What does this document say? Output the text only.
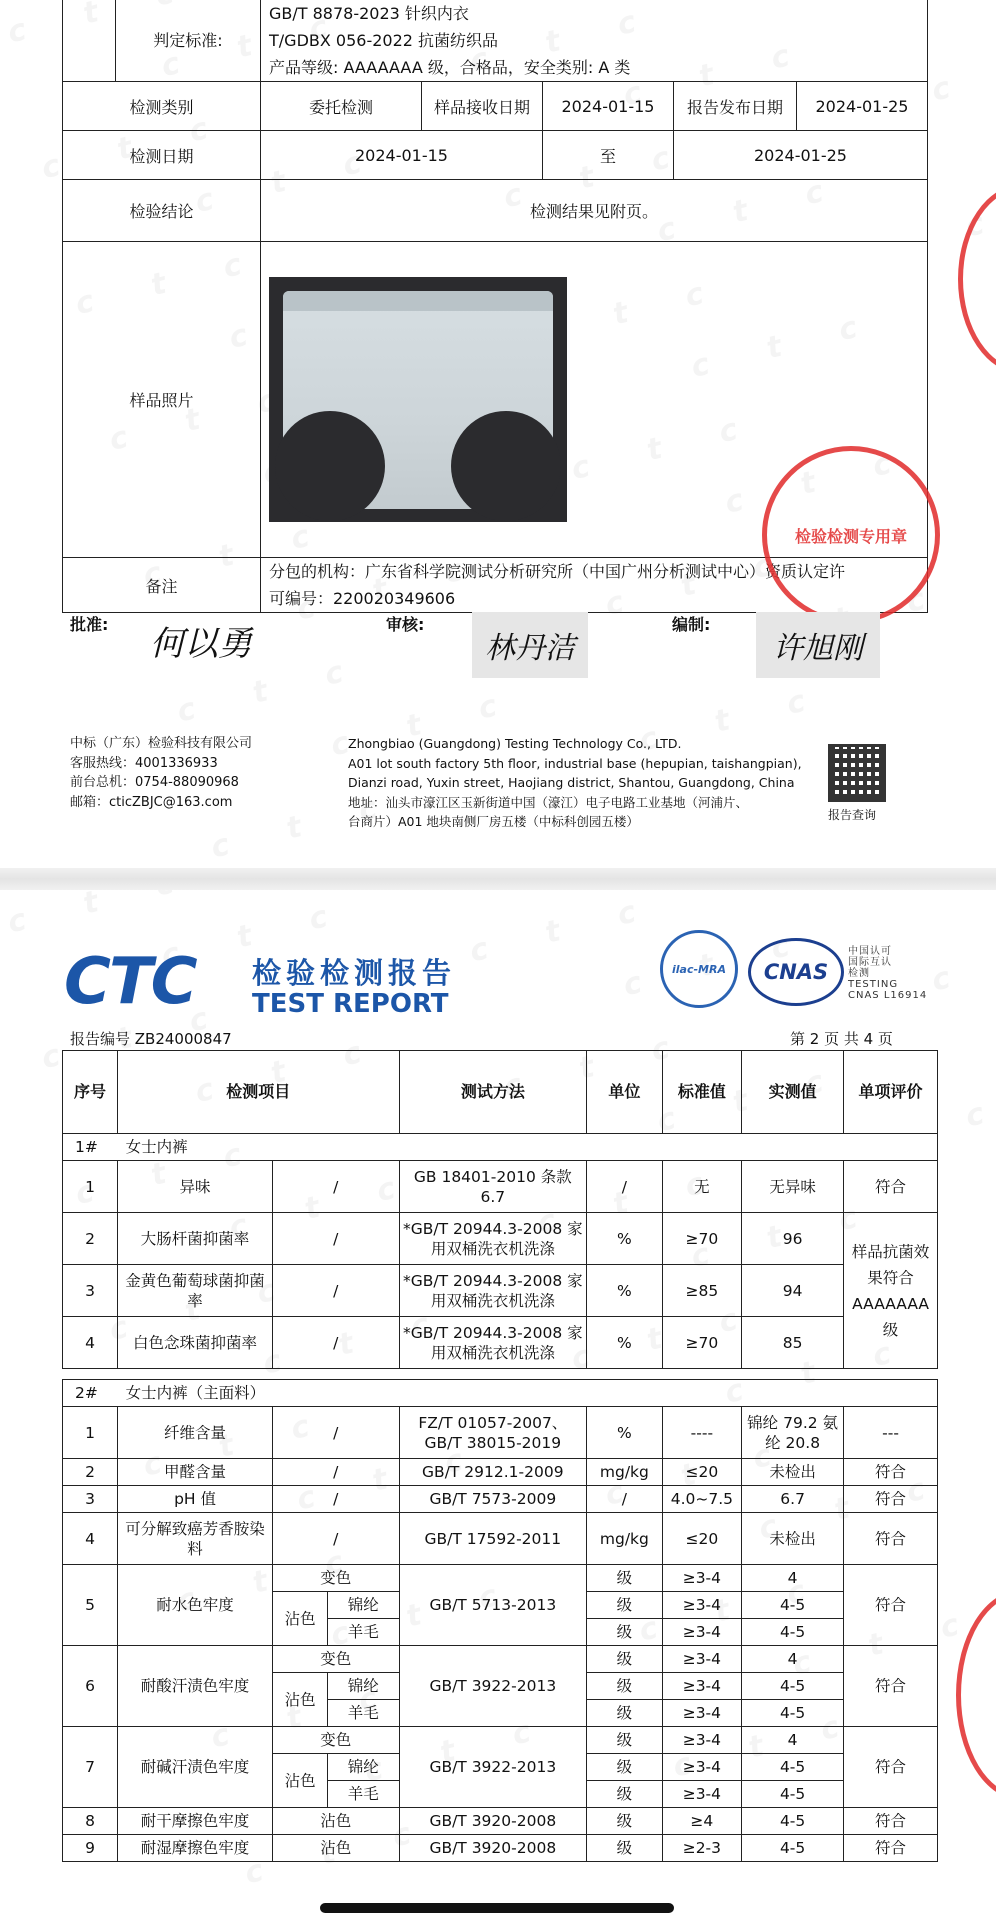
	判定标准:	GB/T 8878-2023 针织内衣
T/GDBX 056-2022 抗菌纺织品
产品等级: AAAAAAA 级，合格品，安全类别: A 类				

检测类别		委托检测	样品接收日期	2024-01-15	报告发布日期	2024-01-25
检测日期		2024-01-15		至	2024-01-25	
检验结论		检测结果见附页。				
样品照片						

备注		分包的机构：广东省科学院测试分析研究所（中国广州分析测试中心）资质认定许
可编号：220020349606				
检验检测专用章
批准: 何以勇	审核:
林丹洁
编制:
许旭刚
中标（广东）检验科技有限公司
客服热线：4001336933
前台总机：0754-88090968
邮箱：cticZBJC@163.com
Zhongbiao (Guangdong) Testing Technology Co., LTD.
A01 lot south factory 5th floor, industrial base (hepupian, taishangpian),
Dianzi road, Yuxin street, Haojiang district, Shantou, Guangdong, China
地址：汕头市濠江区玉新街道中国（濠江）电子电路工业基地（河浦片、
台商片）A01 地块南侧厂房五楼（中标科创园五楼）	报告查询
CTC 检验检测报告
TEST REPORT
ilac-MRA CNAS
中国认可
国际互认
检测
TESTING
CNAS L16914
报告编号 ZB24000847	第 2 页 共 4 页
序号	检测项目			测试方法	单位	标准值	实测值	单项评价
1#	女士内裤							
1	异味	/		GB 18401-2010 条款 6.7	/	无	无异味	符合
2	大肠杆菌抑菌率	/		*GB/T 20944.3-2008 家用双桶洗衣机洗涤	%	≥70	96	样品抗菌效果符合 AAAAAAA 级
3	金黄色葡萄球菌抑菌率	/		*GB/T 20944.3-2008 家用双桶洗衣机洗涤	%	≥85	94	
4	白色念珠菌抑菌率	/		*GB/T 20944.3-2008 家用双桶洗衣机洗涤	%	≥70	85	

2#	女士内裤（主面料）							
1	纤维含量	/		FZ/T 01057-2007、 GB/T 38015-2019	%	----	锦纶 79.2 氨纶 20.8	---
2	甲醛含量	/		GB/T 2912.1-2009	mg/kg	≤20	未检出	符合
3	pH 值	/		GB/T 7573-2009	/	4.0~7.5	6.7	符合
4	可分解致癌芳香胺染料	/		GB/T 17592-2011	mg/kg	≤20	未检出	符合
5	耐水色牢度	变色		GB/T 5713-2013	级	≥3-4	4	符合
		沾色	锦纶		级	≥3-4	4-5	
			羊毛		级	≥3-4	4-5	
6	耐酸汗渍色牢度	变色		GB/T 3922-2013	级	≥3-4	4	符合
		沾色	锦纶		级	≥3-4	4-5	
			羊毛		级	≥3-4	4-5	
7	耐碱汗渍色牢度	变色		GB/T 3922-2013	级	≥3-4	4	符合
		沾色	锦纶		级	≥3-4	4-5	
			羊毛		级	≥3-4	4-5	
8	耐干摩擦色牢度	沾色		GB/T 3920-2008	级	≥4	4-5	符合
9	耐湿摩擦色牢度	沾色		GB/T 3920-2008	级	≥2-3	4-5	符合
